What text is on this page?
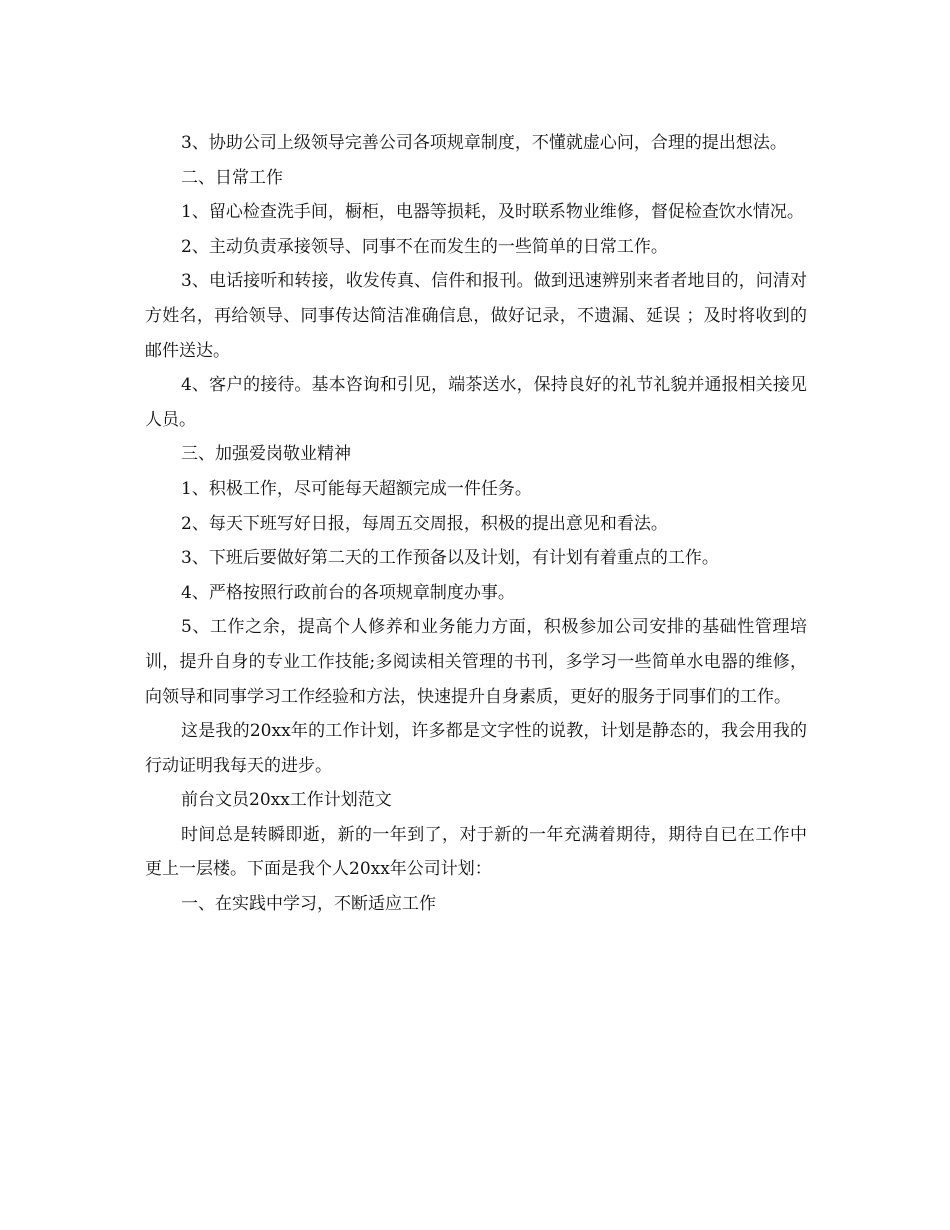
3、协助公司上级领导完善公司各项规章制度，不懂就虚心问，合理的提出想法。

二、日常工作

1、留心检查洗手间，橱柜，电器等损耗，及时联系物业维修，督促检查饮水情况。

2、主动负责承接领导、同事不在而发生的一些简单的日常工作。

3、电话接听和转接，收发传真、信件和报刊。做到迅速辨别来者者地目的，问清对方姓名，再给领导、同事传达简洁准确信息，做好记录，不遗漏、延误 ；及时将收到的邮件送达。

4、客户的接待。基本咨询和引见，端茶送水，保持良好的礼节礼貌并通报相关接见人员。

三、加强爱岗敬业精神

1、积极工作，尽可能每天超额完成一件任务。

2、每天下班写好日报，每周五交周报，积极的提出意见和看法。

3、下班后要做好第二天的工作预备以及计划，有计划有着重点的工作。

4、严格按照行政前台的各项规章制度办事。

5、工作之余，提高个人修养和业务能力方面，积极参加公司安排的基础性管理培训，提升自身的专业工作技能;多阅读相关管理的书刊，多学习一些简单水电器的维修，向领导和同事学习工作经验和方法，快速提升自身素质，更好的服务于同事们的工作。

这是我的20xx年的工作计划，许多都是文字性的说教，计划是静态的，我会用我的行动证明我每天的进步。

前台文员20xx工作计划范文

时间总是转瞬即逝，新的一年到了，对于新的一年充满着期待，期待自已在工作中更上一层楼。下面是我个人20xx年公司计划：

一、在实践中学习，不断适应工作
